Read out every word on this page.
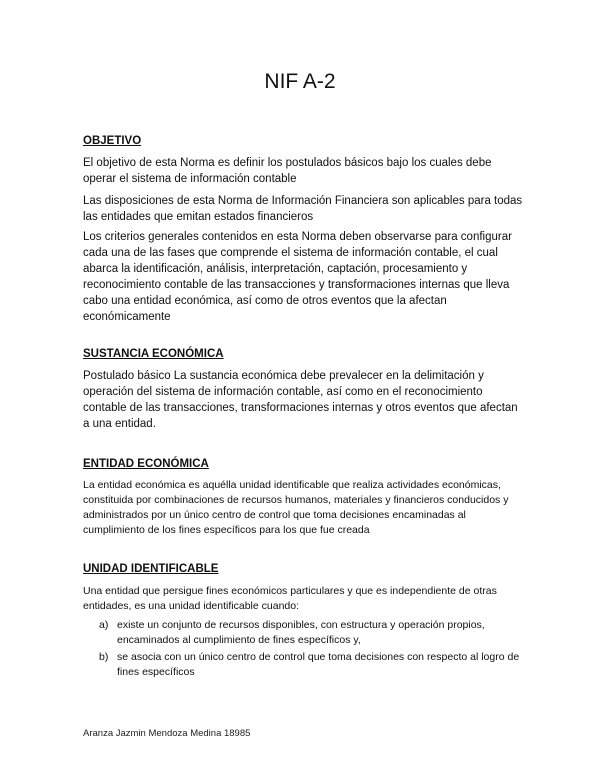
NIF A-2
OBJETIVO

El objetivo de esta Norma es definir los postulados básicos bajo los cuales debe operar el sistema de información contable

Las disposiciones de esta Norma de Información Financiera son aplicables para todas las entidades que emitan estados financieros

Los criterios generales contenidos en esta Norma deben observarse para configurar cada una de las fases que comprende el sistema de información contable, el cual abarca la identificación, análisis, interpretación, captación, procesamiento y reconocimiento contable de las transacciones y transformaciones internas que lleva cabo una entidad económica, así como de otros eventos que la afectan económicamente

SUSTANCIA ECONÓMICA

Postulado básico La sustancia económica debe prevalecer en la delimitación y operación del sistema de información contable, así como en el reconocimiento contable de las transacciones, transformaciones internas y otros eventos que afectan a una entidad.

ENTIDAD ECONÓMICA

La entidad económica es aquélla unidad identificable que realiza actividades económicas, constituida por combinaciones de recursos humanos, materiales y financieros conducidos y administrados por un único centro de control que toma decisiones encaminadas al cumplimiento de los fines específicos para los que fue creada

UNIDAD IDENTIFICABLE

Una entidad que persigue fines económicos particulares y que es independiente de otras entidades, es una unidad identificable cuando:

a) existe un conjunto de recursos disponibles, con estructura y operación propios, encaminados al cumplimiento de fines específicos y,
b) se asocia con un único centro de control que toma decisiones con respecto al logro de fines específicos
Aranza Jazmin Mendoza Medina 18985
